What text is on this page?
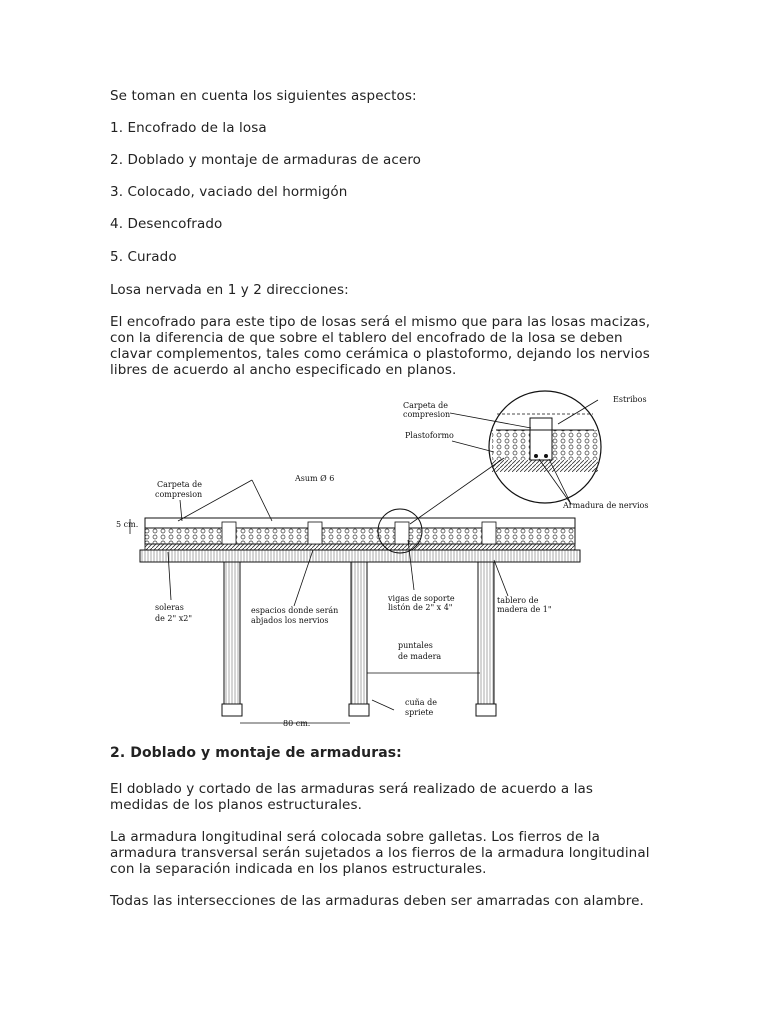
Se toman en cuenta los siguientes aspectos:

1. Encofrado de la losa

2. Doblado y montaje de armaduras de acero

3. Colocado, vaciado del hormigón

4. Desencofrado

5. Curado

Losa nervada en 1 y 2 direcciones:

El encofrado para este tipo de losas será el mismo que para las losas macizas, con la diferencia de que sobre el tablero del encofrado de la losa se deben clavar complementos, tales como cerámica o plastoformo, dejando los nervios libres de acuerdo al ancho especificado en planos.

Carpeta de
compresion
Estribos
Plastoformo
Armadura de nervios
Carpeta de
compresion
Asum Ø 6
5 cm.
soleras
de 2" x2"
espacios donde serán
abjados los nervios
vigas de soporte
listón de 2" x 4"
tablero de
madera de 1"
puntales
de madera
cuña de
spriete
80 cm.

2. Doblado y montaje de armaduras:

El doblado y cortado de las armaduras será realizado de acuerdo a las medidas de los planos estructurales.

La armadura longitudinal será colocada sobre galletas. Los fierros de la armadura transversal serán sujetados a los fierros de la armadura longitudinal con la separación indicada en los planos estructurales.

Todas las intersecciones de las armaduras deben ser amarradas con alambre.
